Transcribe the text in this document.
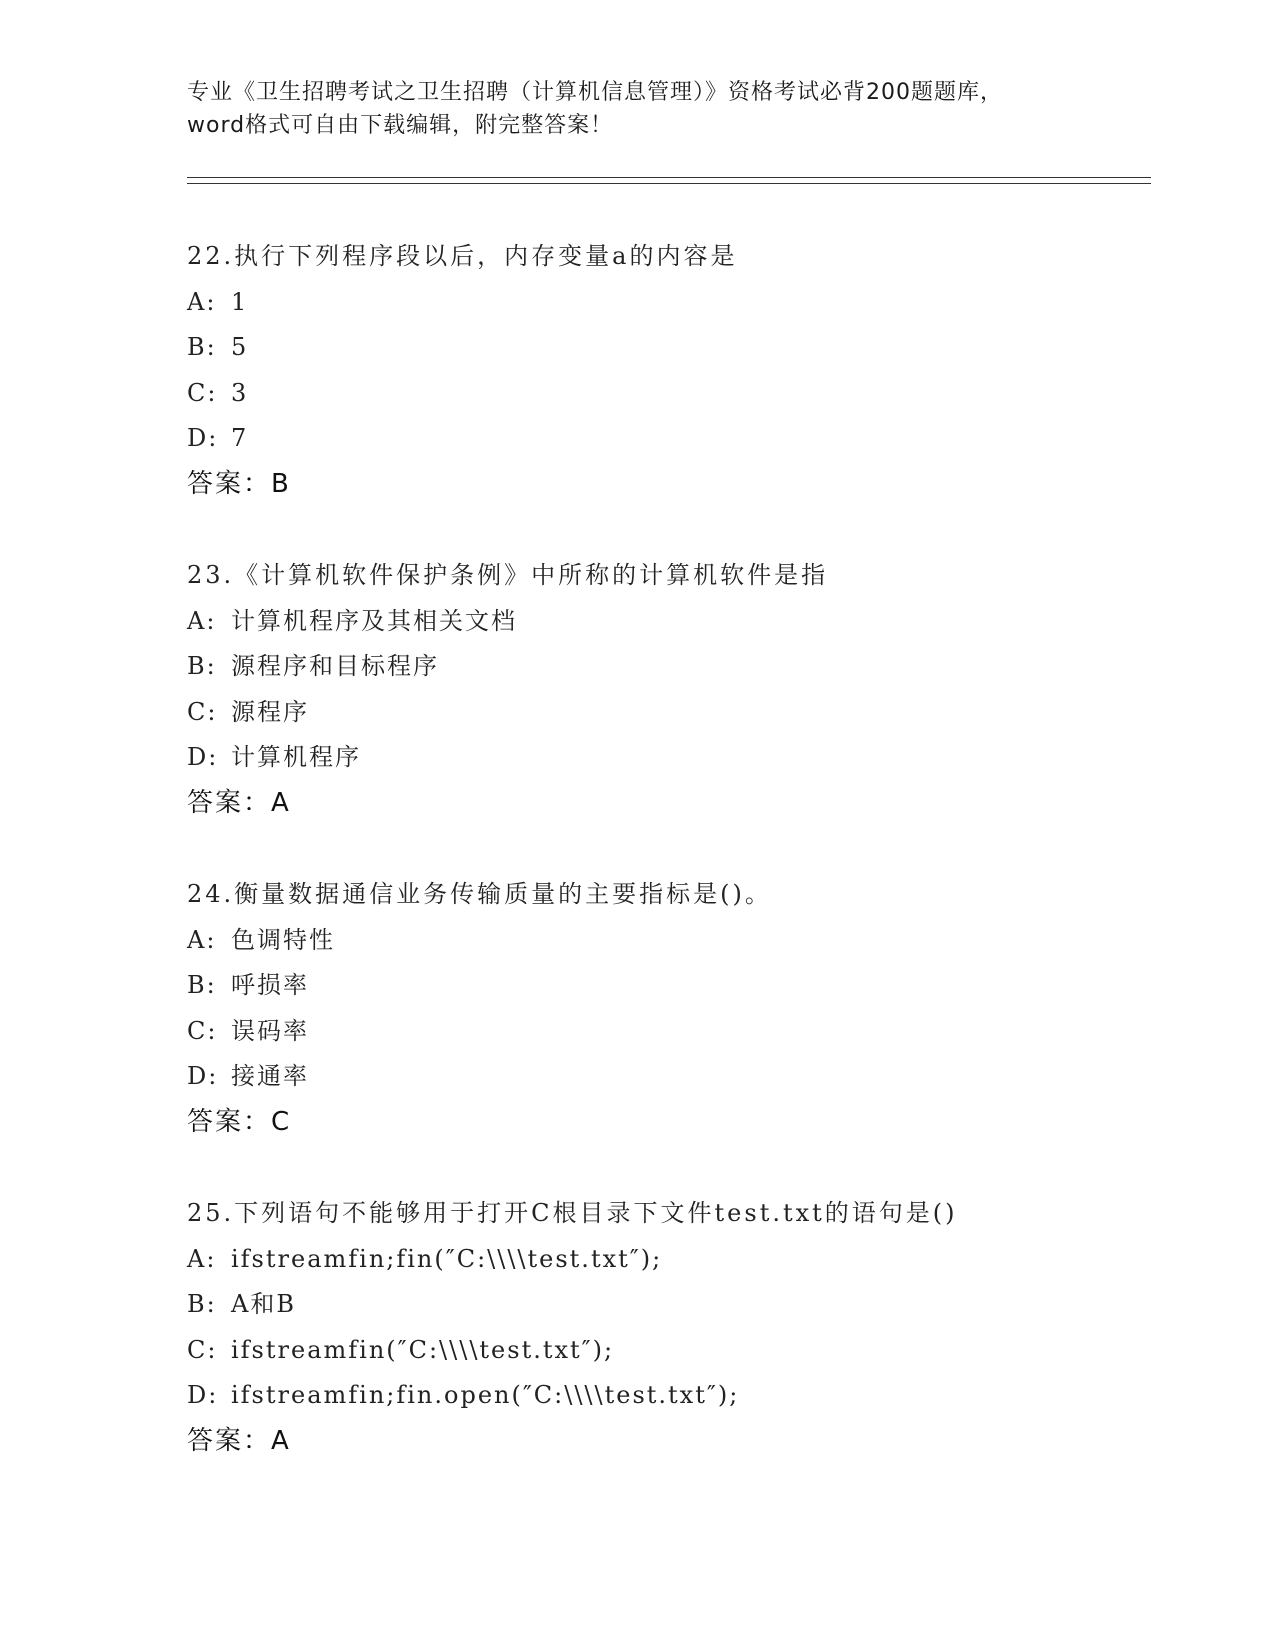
专业《卫生招聘考试之卫生招聘（计算机信息管理）》资格考试必背200题题库，
word格式可自由下载编辑，附完整答案！
22.执行下列程序段以后，内存变量a的内容是
A: 1
B: 5
C: 3
D: 7
答案：B
23.《计算机软件保护条例》中所称的计算机软件是指
A: 计算机程序及其相关文档
B: 源程序和目标程序
C: 源程序
D: 计算机程序
答案：A
24.衡量数据通信业务传输质量的主要指标是()。
A: 色调特性
B: 呼损率
C: 误码率
D: 接通率
答案：C
25.下列语句不能够用于打开C根目录下文件test.txt的语句是()
A: ifstreamfin;fin(″C:\\\\test.txt″);
B: A和B
C: ifstreamfin(″C:\\\\test.txt″);
D: ifstreamfin;fin.open(″C:\\\\test.txt″);
答案：A
